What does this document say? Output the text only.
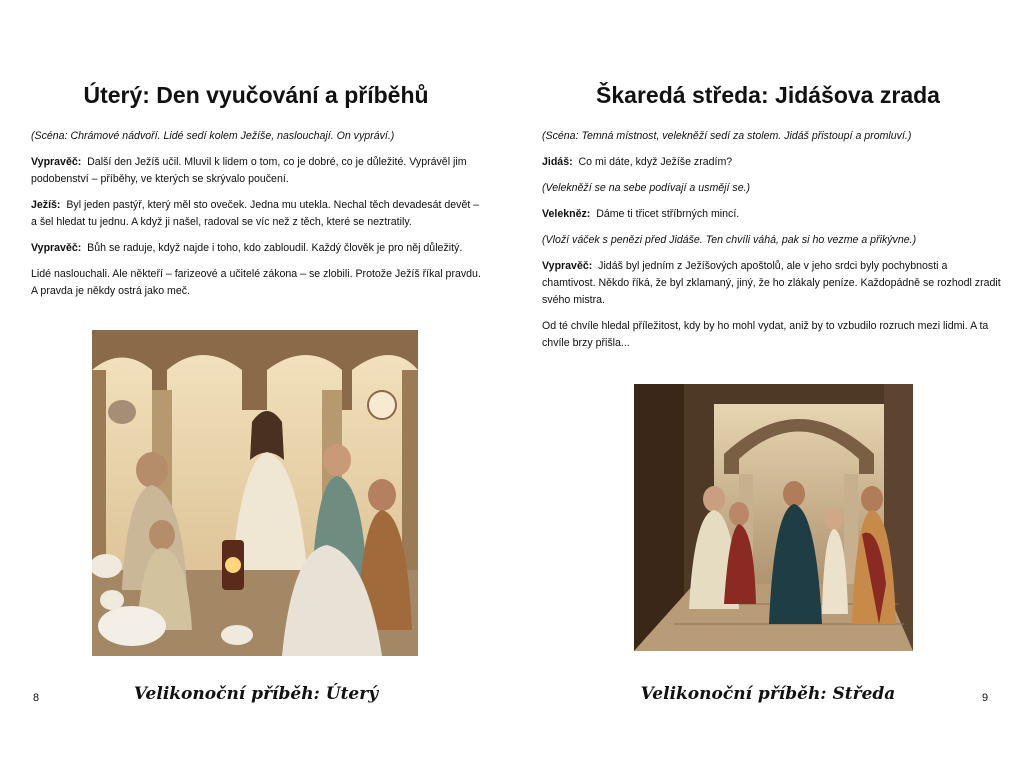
Úterý: Den vyučování a příběhů

(Scéna: Chrámové nádvoří. Lidé sedí kolem Ježíše, naslouchají. On vypráví.)

Vypravěč: Další den Ježíš učil. Mluvil k lidem o tom, co je dobré, co je důležité. Vyprávěl jim podobenství – příběhy, ve kterých se skrývalo poučení.

Ježíš: Byl jeden pastýř, který měl sto oveček. Jedna mu utekla. Nechal těch devadesát devět – a šel hledat tu jednu. A když ji našel, radoval se víc než z těch, které se neztratily.

Vypravěč: Bůh se raduje, když najde i toho, kdo zabloudil. Každý člověk je pro něj důležitý.

Lidé naslouchali. Ale někteří – farizeové a učitelé zákona – se zlobili. Protože Ježíš říkal pravdu. A pravda je někdy ostrá jako meč.

Velikonoční příběh: Úterý
8
Škaredá středa: Jidášova zrada

(Scéna: Temná místnost, velekněží sedí za stolem. Jidáš přistoupí a promluví.)

Jidáš: Co mi dáte, když Ježíše zradím?

(Velekněží se na sebe podívají a usmějí se.)

Velekněz: Dáme ti třicet stříbrných mincí.

(Vloží váček s penězi před Jidáše. Ten chvíli váhá, pak si ho vezme a přikývne.)

Vypravěč: Jidáš byl jedním z Ježíšových apoštolů, ale v jeho srdci byly pochybnosti a chamtivost. Někdo říká, že byl zklamaný, jiný, že ho zlákaly peníze. Každopádně se rozhodl zradit svého mistra.

Od té chvíle hledal příležitost, kdy by ho mohl vydat, aniž by to vzbudilo rozruch mezi lidmi. A ta chvíle brzy přišla...

Velikonoční příběh: Středa	9
